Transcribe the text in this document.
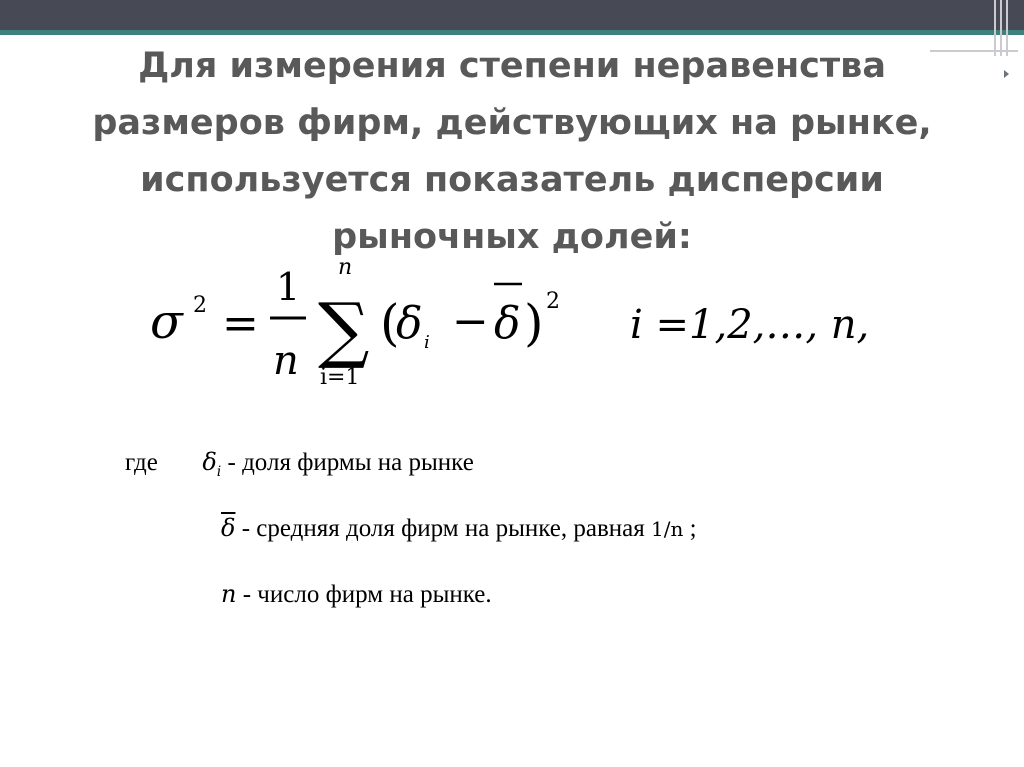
Для измерения степени неравенства размеров фирм, действующих на рынке, используется показатель дисперсии рыночных долей:
σ 2 =
1
n
n
∑
i=1
(
δ i − δ ) 2
i =1,2,…, n,
где $\delta_i$ - доля фирмы на рынке
$\overline{\delta}$ - средняя доля фирм на рынке, равная 1/n ;
n - число фирм на рынке.
